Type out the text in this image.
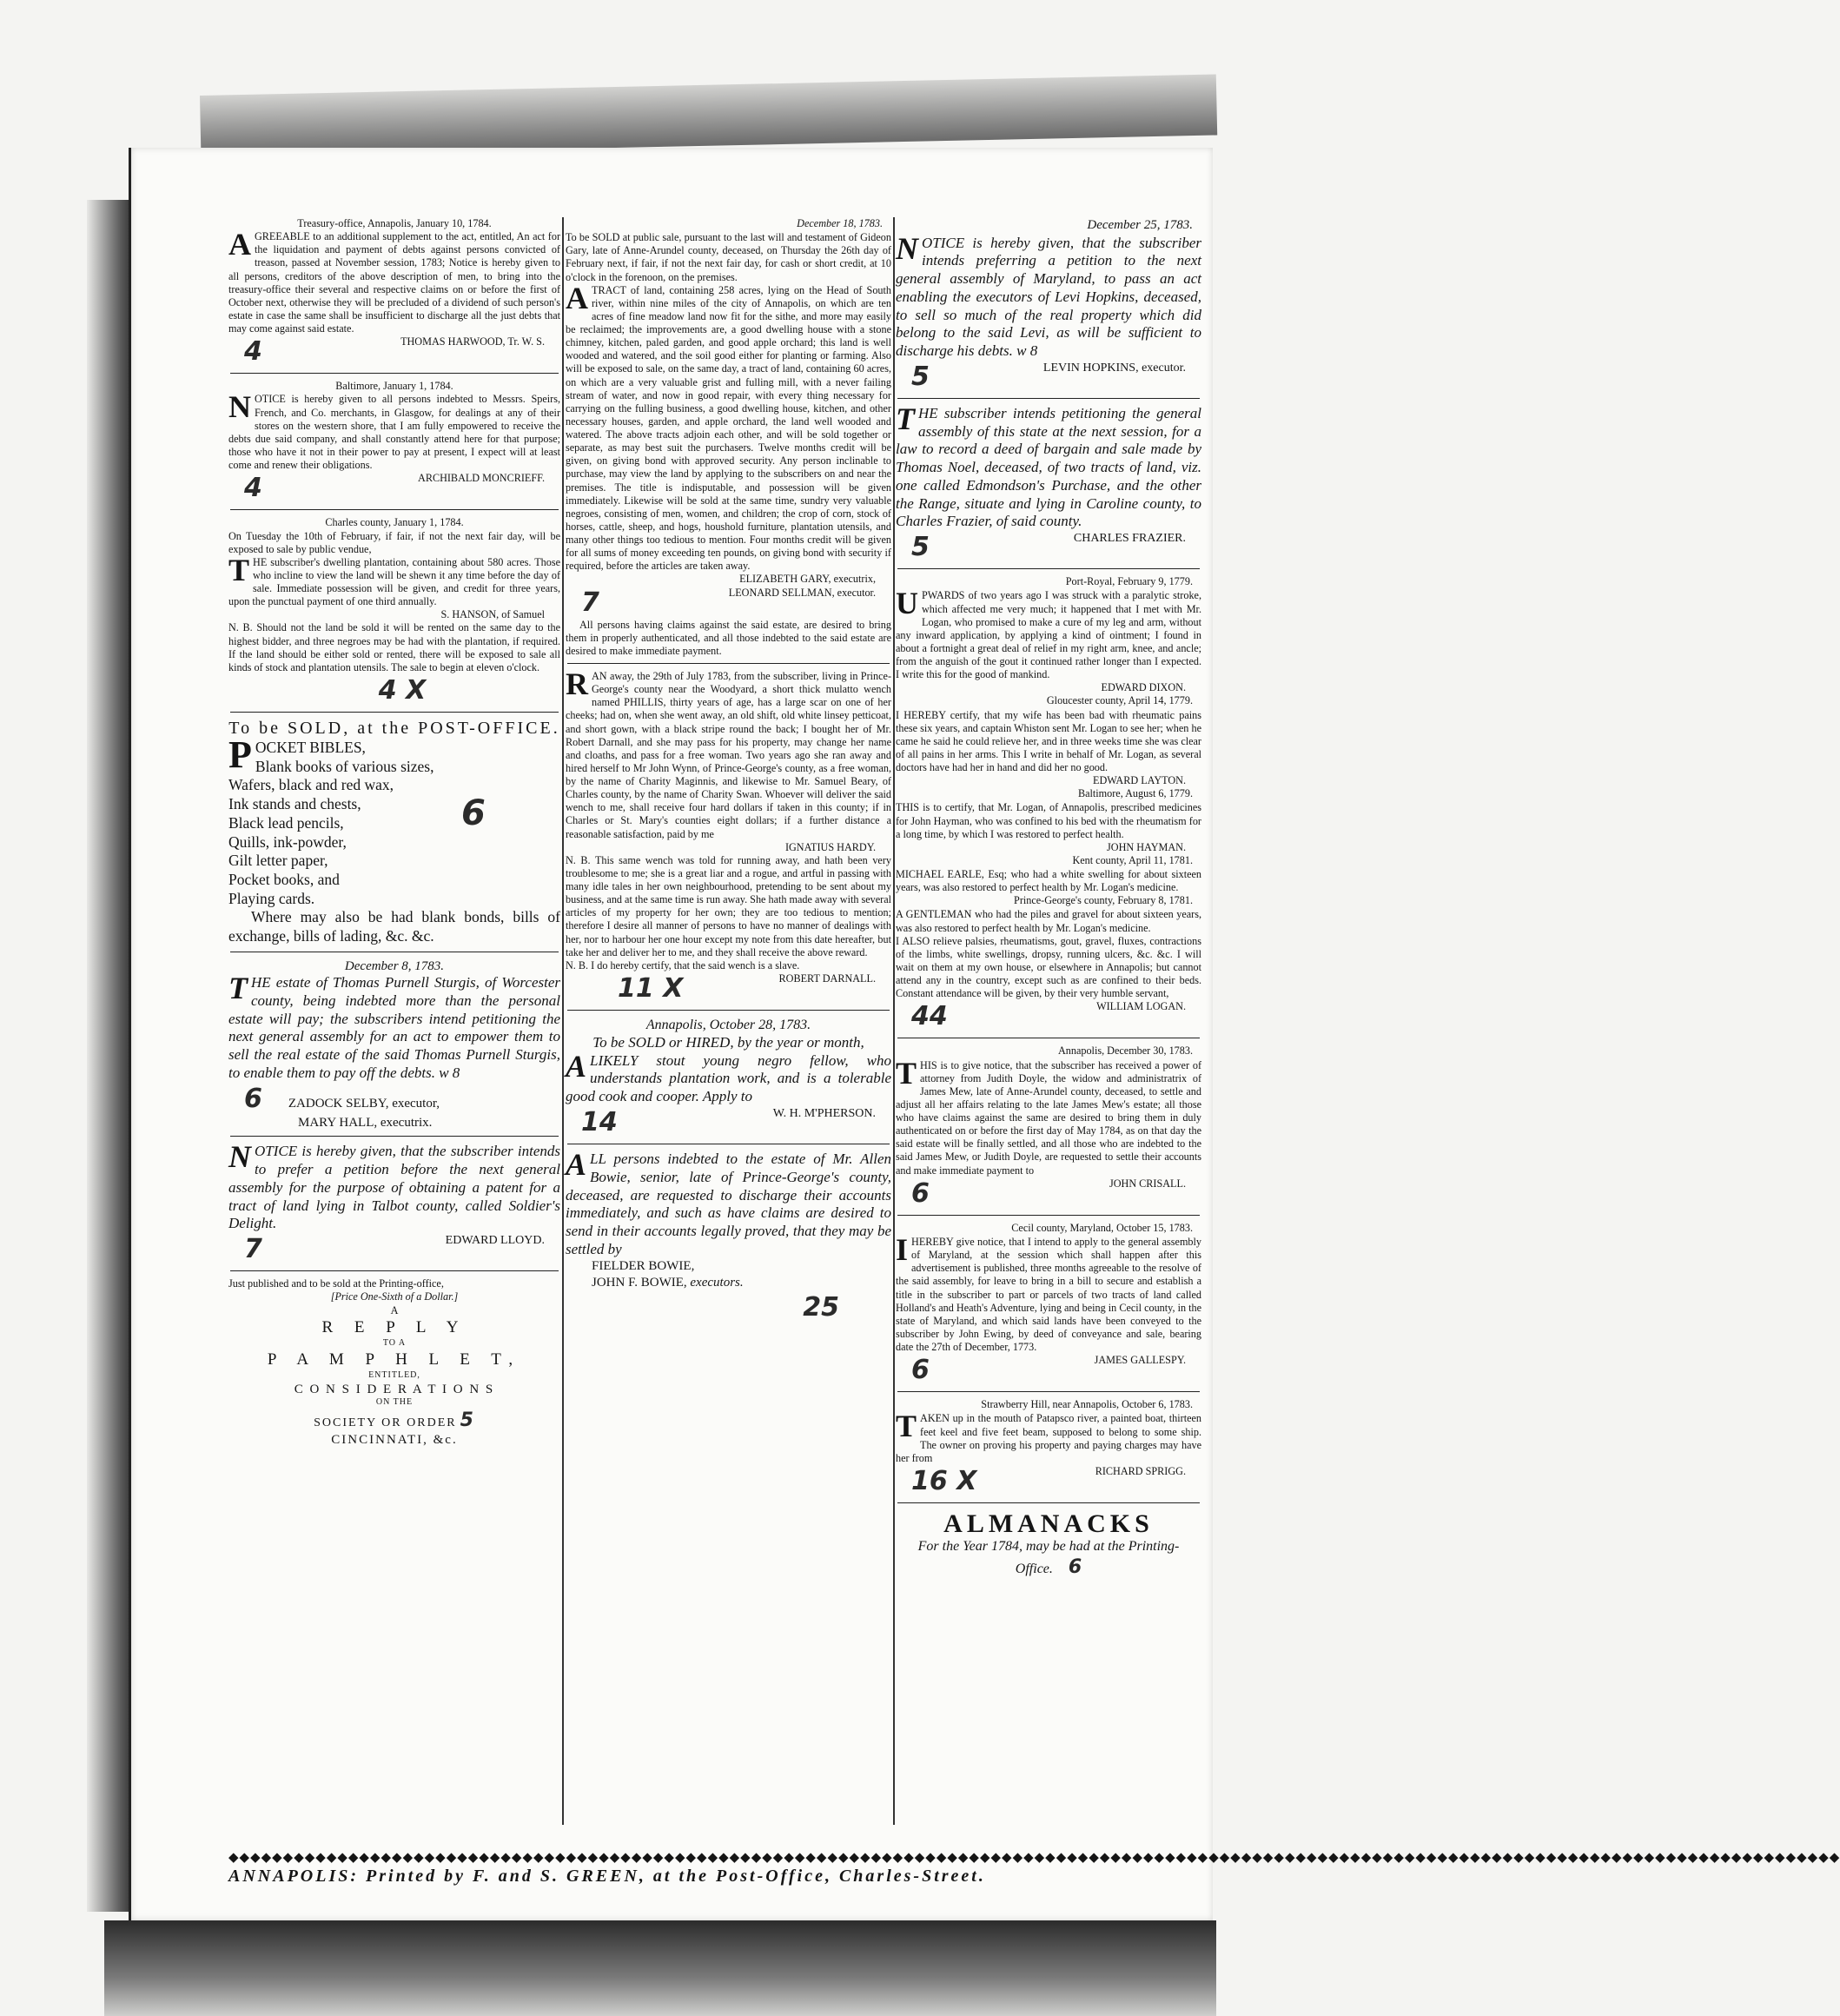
Treasury-office, Annapolis, January 10, 1784.
AGREEABLE to an additional supplement to the act, entitled, An act for the liquidation and payment of debts against persons convicted of treason, passed at November session, 1783; Notice is hereby given to all persons, creditors of the above description of men, to bring into the treasury-office their several and respective claims on or before the first of October next, otherwise they will be precluded of a dividend of such person's estate in case the same shall be insufficient to discharge all the just debts that may come against said estate.
4	THOMAS HARWOOD, Tr. W. S.
Baltimore, January 1, 1784.
NOTICE is hereby given to all persons indebted to Messrs. Speirs, French, and Co. merchants, in Glasgow, for dealings at any of their stores on the western shore, that I am fully empowered to receive the debts due said company, and shall constantly attend here for that purpose; those who have it not in their power to pay at present, I expect will at least come and renew their obligations.
4	ARCHIBALD MONCRIEFF.
Charles county, January 1, 1784.
On Tuesday the 10th of February, if fair, if not the next fair day, will be exposed to sale by public vendue,
THE subscriber's dwelling plantation, containing about 580 acres. Those who incline to view the land will be shewn it any time before the day of sale. Immediate possession will be given, and credit for three years, upon the punctual payment of one third annually.
S. HANSON, of Samuel
N. B. Should not the land be sold it will be rented on the same day to the highest bidder, and three negroes may be had with the plantation, if required. If the land should be either sold or rented, there will be exposed to sale all kinds of stock and plantation utensils. The sale to begin at eleven o'clock.
4 X
To be SOLD, at the POST-OFFICE.
POCKET BIBLES,
Blank books of various sizes,
Wafers, black and red wax,
Ink stands and chests,
Black lead pencils,
Quills, ink-powder,
Gilt letter paper,
Pocket books, and
Playing cards.
6
Where may also be had blank bonds, bills of exchange, bills of lading, &c. &c.
December 8, 1783.
THE estate of Thomas Purnell Sturgis, of Worcester county, being indebted more than the personal estate will pay; the subscribers intend petitioning the next general assembly for an act to empower them to sell the real estate of the said Thomas Purnell Sturgis, to enable them to pay off the debts. w 8
6 ZADOCK SELBY, executor,
MARY HALL, executrix.
NOTICE is hereby given, that the subscriber intends to prefer a petition before the next general assembly for the purpose of obtaining a patent for a tract of land lying in Talbot county, called Soldier's Delight.
7	EDWARD LLOYD.
Just published and to be sold at the Printing-office,
[Price One-Sixth of a Dollar.]
A
R E P L Y
TO A
P A M P H L E T,
ENTITLED,
C O N S I D E R A T I O N S
ON THE
SOCIETY OR ORDER 5
CINCINNATI, &c.
December 18, 1783.
To be SOLD at public sale, pursuant to the last will and testament of Gideon Gary, late of Anne-Arundel county, deceased, on Thursday the 26th day of February next, if fair, if not the next fair day, for cash or short credit, at 10 o'clock in the forenoon, on the premises.
ATRACT of land, containing 258 acres, lying on the Head of South river, within nine miles of the city of Annapolis, on which are ten acres of fine meadow land now fit for the sithe, and more may easily be reclaimed; the improvements are, a good dwelling house with a stone chimney, kitchen, paled garden, and good apple orchard; this land is well wooded and watered, and the soil good either for planting or farming. Also will be exposed to sale, on the same day, a tract of land, containing 60 acres, on which are a very valuable grist and fulling mill, with a never failing stream of water, and now in good repair, with every thing necessary for carrying on the fulling business, a good dwelling house, kitchen, and other necessary houses, garden, and apple orchard, the land well wooded and watered. The above tracts adjoin each other, and will be sold together or separate, as may best suit the purchasers. Twelve months credit will be given, on giving bond with approved security. Any person inclinable to purchase, may view the land by applying to the subscribers on and near the premises. The title is indisputable, and possession will be given immediately. Likewise will be sold at the same time, sundry very valuable negroes, consisting of men, women, and children; the crop of corn, stock of horses, cattle, sheep, and hogs, houshold furniture, plantation utensils, and many other things too tedious to mention. Four months credit will be given for all sums of money exceeding ten pounds, on giving bond with security if required, before the articles are taken away.
ELIZABETH GARY, executrix,
7	LEONARD SELLMAN, executor.
All persons having claims against the said estate, are desired to bring them in properly authenticated, and all those indebted to the said estate are desired to make immediate payment.
RAN away, the 29th of July 1783, from the subscriber, living in Prince-George's county near the Woodyard, a short thick mulatto wench named PHILLIS, thirty years of age, has a large scar on one of her cheeks; had on, when she went away, an old shift, old white linsey petticoat, and short gown, with a black stripe round the back; I bought her of Mr. Robert Darnall, and she may pass for his property, may change her name and cloaths, and pass for a free woman. Two years ago she ran away and hired herself to Mr John Wynn, of Prince-George's county, as a free woman, by the name of Charity Maginnis, and likewise to Mr. Samuel Beary, of Charles county, by the name of Charity Swan. Whoever will deliver the said wench to me, shall receive four hard dollars if taken in this county; if in Charles or St. Mary's counties eight dollars; if a further distance a reasonable satisfaction, paid by me
IGNATIUS HARDY.
N. B. This same wench was told for running away, and hath been very troublesome to me; she is a great liar and a rogue, and artful in passing with many idle tales in her own neighbourhood, pretending to be sent about my business, and at the same time is run away. She hath made away with several articles of my property for her own; they are too tedious to mention; therefore I desire all manner of persons to have no manner of dealings with her, nor to harbour her one hour except my note from this date hereafter, but take her and deliver her to me, and they shall receive the above reward.
N. B. I do hereby certify, that the said wench is a slave.
11 X	ROBERT DARNALL.
Annapolis, October 28, 1783.
To be SOLD or HIRED, by the year or month,
ALIKELY stout young negro fellow, who understands plantation work, and is a tolerable good cook and cooper. Apply to
14	W. H. M'PHERSON.
ALL persons indebted to the estate of Mr. Allen Bowie, senior, late of Prince-George's county, deceased, are requested to discharge their accounts immediately, and such as have claims are desired to send in their accounts legally proved, that they may be settled by
FIELDER BOWIE,
JOHN F. BOWIE, executors.
25
December 25, 1783.
NOTICE is hereby given, that the subscriber intends preferring a petition to the next general assembly of Maryland, to pass an act enabling the executors of Levi Hopkins, deceased, to sell so much of the real property which did belong to the said Levi, as will be sufficient to discharge his debts. w 8
5	LEVIN HOPKINS, executor.
THE subscriber intends petitioning the general assembly of this state at the next session, for a law to record a deed of bargain and sale made by Thomas Noel, deceased, of two tracts of land, viz. one called Edmondson's Purchase, and the other the Range, situate and lying in Caroline county, to Charles Frazier, of said county.
5	CHARLES FRAZIER.
Port-Royal, February 9, 1779.
UPWARDS of two years ago I was struck with a paralytic stroke, which affected me very much; it happened that I met with Mr. Logan, who promised to make a cure of my leg and arm, without any inward application, by applying a kind of ointment; I found in about a fortnight a great deal of relief in my right arm, knee, and ancle; from the anguish of the gout it continued rather longer than I expected. I write this for the good of mankind.
EDWARD DIXON.
Gloucester county, April 14, 1779.
I HEREBY certify, that my wife has been bad with rheumatic pains these six years, and captain Whiston sent Mr. Logan to see her; when he came he said he could relieve her, and in three weeks time she was clear of all pains in her arms. This I write in behalf of Mr. Logan, as several doctors have had her in hand and did her no good.
EDWARD LAYTON.
Baltimore, August 6, 1779.
THIS is to certify, that Mr. Logan, of Annapolis, prescribed medicines for John Hayman, who was confined to his bed with the rheumatism for a long time, by which I was restored to perfect health.
JOHN HAYMAN.
Kent county, April 11, 1781.
MICHAEL EARLE, Esq; who had a white swelling for about sixteen years, was also restored to perfect health by Mr. Logan's medicine.
Prince-George's county, February 8, 1781.
A GENTLEMAN who had the piles and gravel for about sixteen years, was also restored to perfect health by Mr. Logan's medicine.
I ALSO relieve palsies, rheumatisms, gout, gravel, fluxes, contractions of the limbs, white swellings, dropsy, running ulcers, &c. &c. I will wait on them at my own house, or elsewhere in Annapolis; but cannot attend any in the country, except such as are confined to their beds. Constant attendance will be given, by their very humble servant,
44	WILLIAM LOGAN.
Annapolis, December 30, 1783.
THIS is to give notice, that the subscriber has received a power of attorney from Judith Doyle, the widow and administratrix of James Mew, late of Anne-Arundel county, deceased, to settle and adjust all her affairs relating to the late James Mew's estate; all those who have claims against the same are desired to bring them in duly authenticated on or before the first day of May 1784, as on that day the said estate will be finally settled, and all those who are indebted to the said James Mew, or Judith Doyle, are requested to settle their accounts and make immediate payment to
6	JOHN CRISALL.
Cecil county, Maryland, October 15, 1783.
IHEREBY give notice, that I intend to apply to the general assembly of Maryland, at the session which shall happen after this advertisement is published, three months agreeable to the resolve of the said assembly, for leave to bring in a bill to secure and establish a title in the subscriber to part or parcels of two tracts of land called Holland's and Heath's Adventure, lying and being in Cecil county, in the state of Maryland, and which said lands have been conveyed to the subscriber by John Ewing, by deed of conveyance and sale, bearing date the 27th of December, 1773.
6	JAMES GALLESPY.
Strawberry Hill, near Annapolis, October 6, 1783.
TAKEN up in the mouth of Patapsco river, a painted boat, thirteen feet keel and five feet beam, supposed to belong to some ship. The owner on proving his property and paying charges may have her from
16 X	RICHARD SPRIGG.
ALMANACKS
For the Year 1784, may be had at the Printing-Office. 6
◆◆◆◆◆◆◆◆◆◆◆◆◆◆◆◆◆◆◆◆◆◆◆◆◆◆◆◆◆◆◆◆◆◆◆◆◆◆◆◆◆◆◆◆◆◆◆◆◆◆◆◆◆◆◆◆◆◆◆◆◆◆◆◆◆◆◆◆◆◆◆◆◆◆◆◆◆◆◆◆◆◆◆◆◆◆◆◆◆◆◆◆◆◆◆◆◆◆◆◆◆◆◆◆◆◆◆◆◆◆◆◆◆◆◆◆◆◆◆◆◆◆◆◆◆◆◆◆◆◆◆◆◆◆◆◆◆◆◆◆◆◆◆◆◆◆◆◆
ANNAPOLIS: Printed by F. and S. GREEN, at the Post-Office, Charles-Street.
